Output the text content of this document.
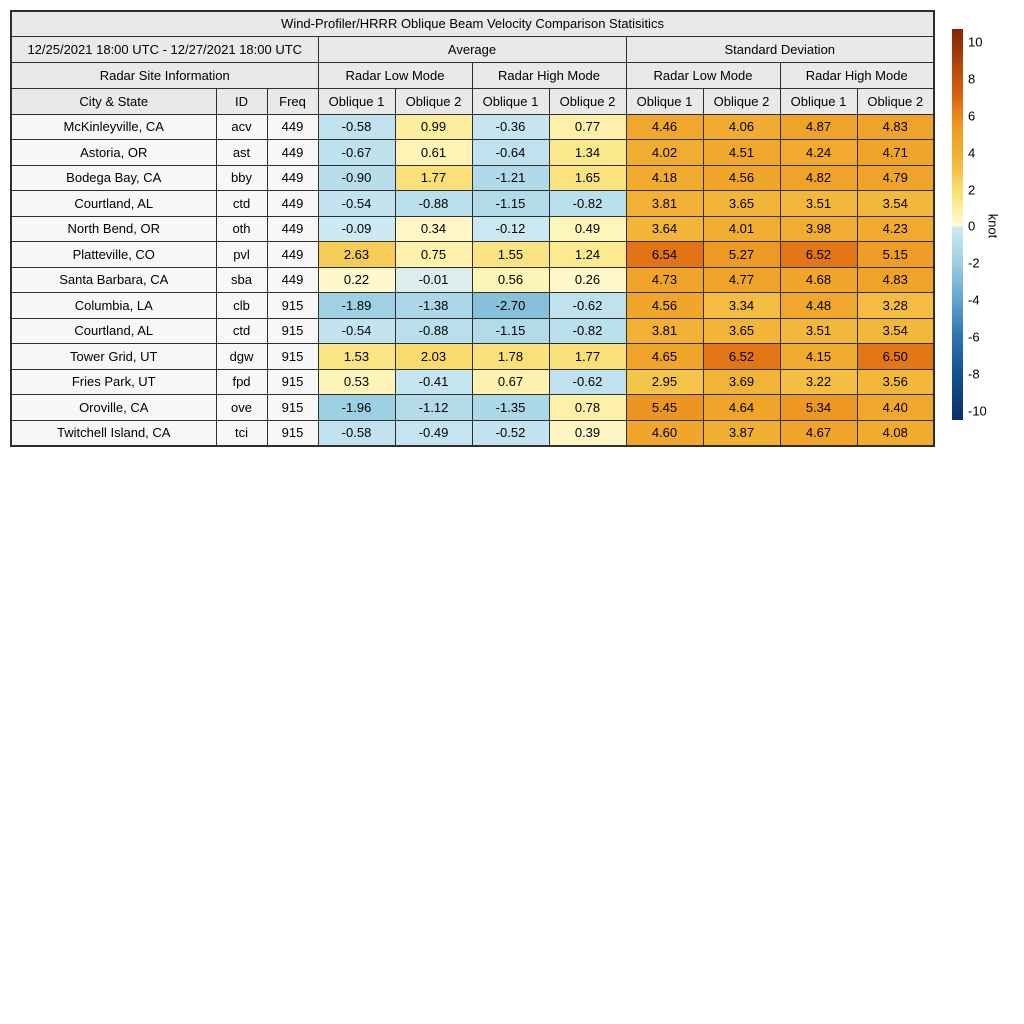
Wind-Profiler/HRRR Oblique Beam Velocity Comparison Statisitics										
12/25/2021 18:00 UTC - 12/27/2021 18:00 UTC			Average				Standard Deviation			
Radar Site Information			Radar Low Mode		Radar High Mode		Radar Low Mode		Radar High Mode	
City & State	ID	Freq	Oblique 1	Oblique 2	Oblique 1	Oblique 2	Oblique 1	Oblique 2	Oblique 1	Oblique 2
McKinleyville, CA	acv	449	-0.58	0.99	-0.36	0.77	4.46	4.06	4.87	4.83
Astoria, OR	ast	449	-0.67	0.61	-0.64	1.34	4.02	4.51	4.24	4.71
Bodega Bay, CA	bby	449	-0.90	1.77	-1.21	1.65	4.18	4.56	4.82	4.79
Courtland, AL	ctd	449	-0.54	-0.88	-1.15	-0.82	3.81	3.65	3.51	3.54
North Bend, OR	oth	449	-0.09	0.34	-0.12	0.49	3.64	4.01	3.98	4.23
Platteville, CO	pvl	449	2.63	0.75	1.55	1.24	6.54	5.27	6.52	5.15
Santa Barbara, CA	sba	449	0.22	-0.01	0.56	0.26	4.73	4.77	4.68	4.83
Columbia, LA	clb	915	-1.89	-1.38	-2.70	-0.62	4.56	3.34	4.48	3.28
Courtland, AL	ctd	915	-0.54	-0.88	-1.15	-0.82	3.81	3.65	3.51	3.54
Tower Grid, UT	dgw	915	1.53	2.03	1.78	1.77	4.65	6.52	4.15	6.50
Fries Park, UT	fpd	915	0.53	-0.41	0.67	-0.62	2.95	3.69	3.22	3.56
Oroville, CA	ove	915	-1.96	-1.12	-1.35	0.78	5.45	4.64	5.34	4.40
Twitchell Island, CA	tci	915	-0.58	-0.49	-0.52	0.39	4.60	3.87	4.67	4.08
10
8
6
4
2
0
-2
-4
-6
-8
-10
knot
